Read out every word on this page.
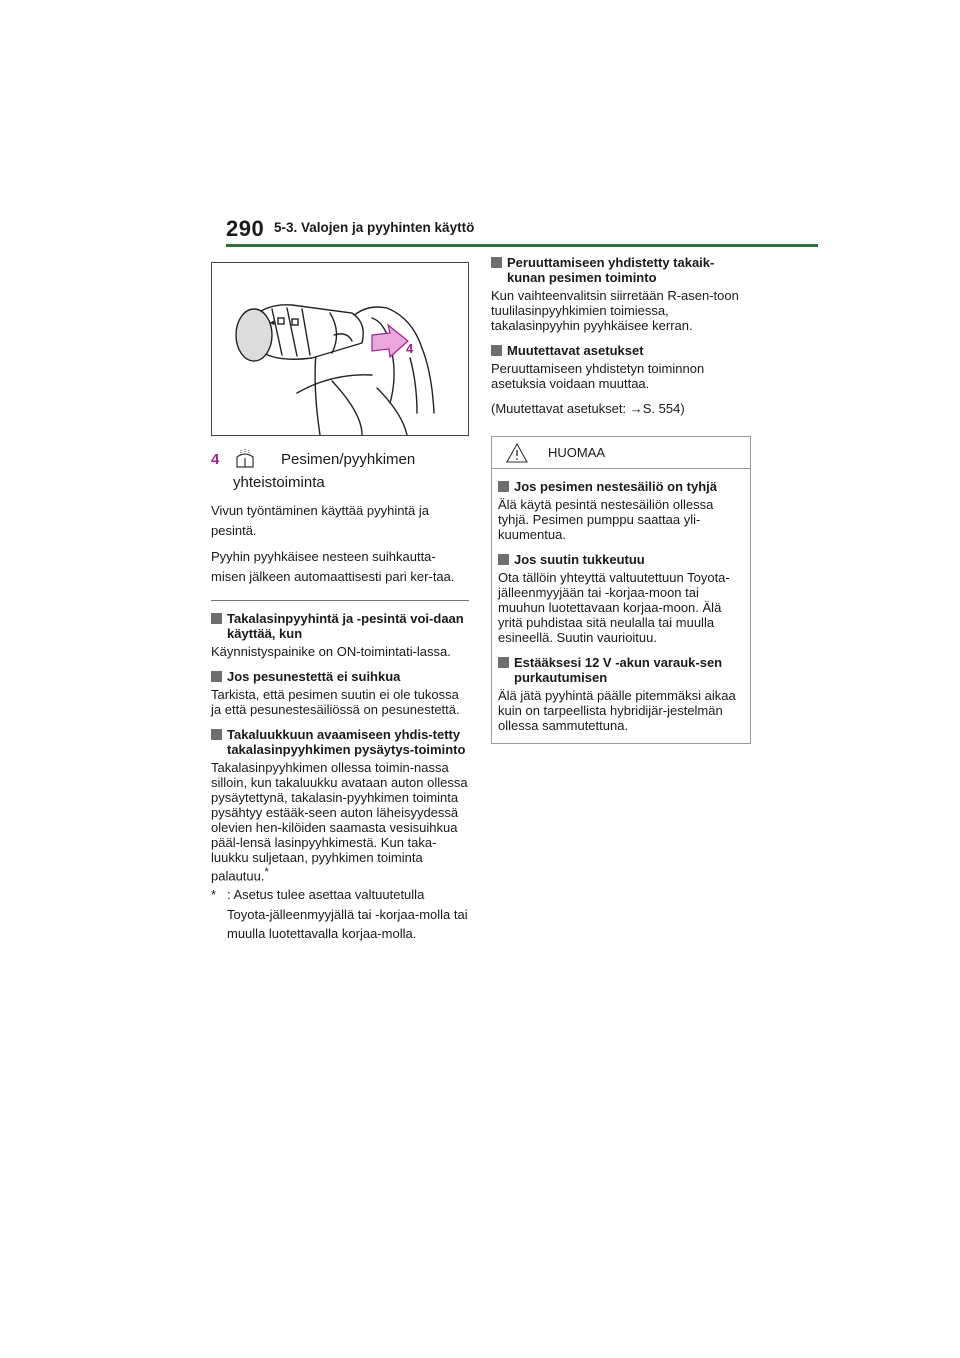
290 5-3. Valojen ja pyyhinten käyttö
◄
4
4	Pesimen/pyyhkimen
yhteistoiminta

Vivun työntäminen käyttää pyyhintä ja pesintä.

Pyyhin pyyhkäisee nesteen suihkautta-misen jälkeen automaattisesti pari ker-taa.

Takalasinpyyhintä ja -pesintä voi-daan käyttää, kun
Käynnistyspainike on ON-toimintati-lassa.
Jos pesunestettä ei suihkua
Tarkista, että pesimen suutin ei ole tukossa ja että pesunestesäiliössä on pesunestettä.
Takaluukkuun avaamiseen yhdis-tetty takalasinpyyhkimen pysäytys-toiminto
Takalasinpyyhkimen ollessa toimin-nassa silloin, kun takaluukku avataan auton ollessa pysäytettynä, takalasin-pyyhkimen toiminta pysähtyy estääk-seen auton läheisyydessä olevien hen-kilöiden saamasta vesisuihkua pääl-lensä lasinpyyhkimestä. Kun taka-luukku suljetaan, pyyhkimen toiminta palautuu.*
* : Asetus tulee asettaa valtuutetulla Toyota-jälleenmyyjällä tai -korjaa-molla tai muulla luotettavalla korjaa-molla.
Peruuttamiseen yhdistetty takaik-kunan pesimen toiminto
Kun vaihteenvalitsin siirretään R-asen-toon tuulilasinpyyhkimien toimiessa, takalasinpyyhin pyyhkäisee kerran.
Muutettavat asetukset
Peruuttamiseen yhdistetyn toiminnon asetuksia voidaan muuttaa.
(Muutettavat asetukset: →S. 554)
HUOMAA
Jos pesimen nestesäiliö on tyhjä
Älä käytä pesintä nestesäiliön ollessa tyhjä. Pesimen pumppu saattaa yli-kuumentua.
Jos suutin tukkeutuu
Ota tällöin yhteyttä valtuutettuun Toyota-jälleenmyyjään tai -korjaa-moon tai muuhun luotettavaan korjaa-moon. Älä yritä puhdistaa sitä neulalla tai muulla esineellä. Suutin vaurioituu.
Estääksesi 12 V -akun varauk-sen purkautumisen
Älä jätä pyyhintä päälle pitemmäksi aikaa kuin on tarpeellista hybridijär-jestelmän ollessa sammutettuna.
